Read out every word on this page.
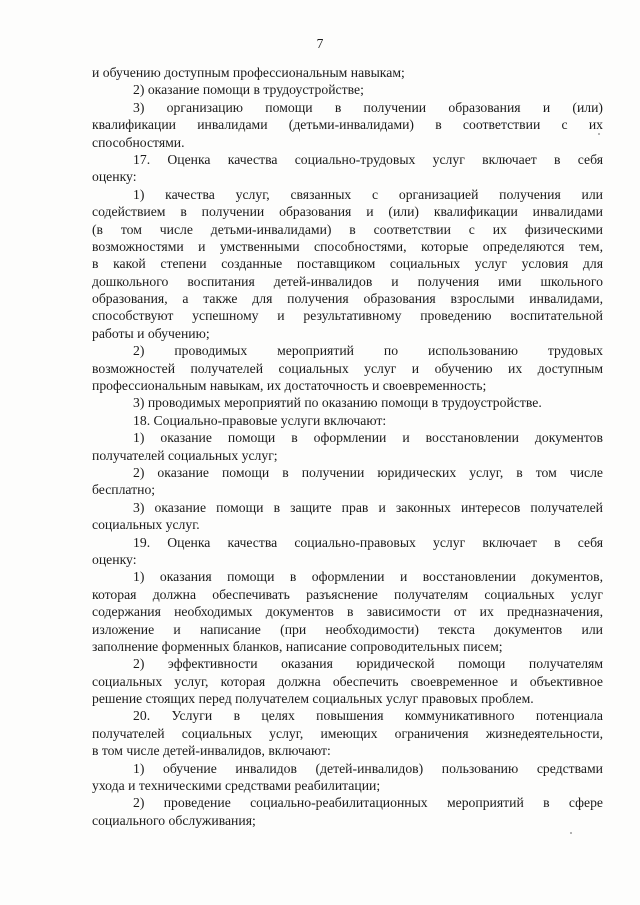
7
и обучению доступным профессиональным навыкам;
2) оказание помощи в трудоустройстве;
3) организацию помощи в получении образования и (или)
квалификации инвалидами (детьми-инвалидами) в соответствии с их
способностями.
17. Оценка качества социально-трудовых услуг включает в себя
оценку:
1) качества услуг, связанных с организацией получения или
содействием в получении образования и (или) квалификации инвалидами
(в том числе детьми-инвалидами) в соответствии с их физическими
возможностями и умственными способностями, которые определяются тем,
в какой степени созданные поставщиком социальных услуг условия для
дошкольного воспитания детей-инвалидов и получения ими школьного
образования, а также для получения образования взрослыми инвалидами,
способствуют успешному и результативному проведению воспитательной
работы и обучению;
2) проводимых мероприятий по использованию трудовых
возможностей получателей социальных услуг и обучению их доступным
профессиональным навыкам, их достаточность и своевременность;
3) проводимых мероприятий по оказанию помощи в трудоустройстве.
18. Социально-правовые услуги включают:
1) оказание помощи в оформлении и восстановлении документов
получателей социальных услуг;
2) оказание помощи в получении юридических услуг, в том числе
бесплатно;
3) оказание помощи в защите прав и законных интересов получателей
социальных услуг.
19. Оценка качества социально-правовых услуг включает в себя
оценку:
1) оказания помощи в оформлении и восстановлении документов,
которая должна обеспечивать разъяснение получателям социальных услуг
содержания необходимых документов в зависимости от их предназначения,
изложение и написание (при необходимости) текста документов или
заполнение форменных бланков, написание сопроводительных писем;
2) эффективности оказания юридической помощи получателям
социальных услуг, которая должна обеспечить своевременное и объективное
решение стоящих перед получателем социальных услуг правовых проблем.
20. Услуги в целях повышения коммуникативного потенциала
получателей социальных услуг, имеющих ограничения жизнедеятельности,
в том числе детей-инвалидов, включают:
1) обучение инвалидов (детей-инвалидов) пользованию средствами
ухода и техническими средствами реабилитации;
2) проведение социально-реабилитационных мероприятий в сфере
социального обслуживания;
